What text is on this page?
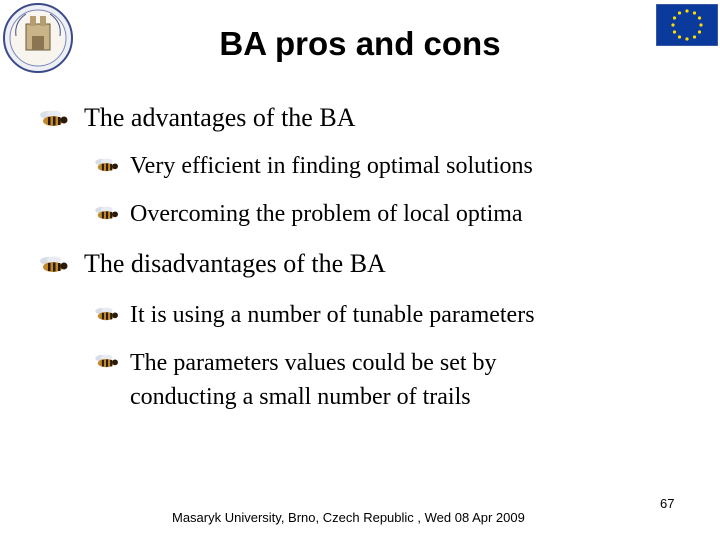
BA pros and cons
The advantages of the BA
Very efficient in finding optimal solutions
Overcoming the problem of local optima
The disadvantages of the BA
It is using a number of tunable parameters
The parameters values could be set by
conducting a small number of trails
67
Masaryk University, Brno, Czech Republic , Wed 08 Apr 2009
